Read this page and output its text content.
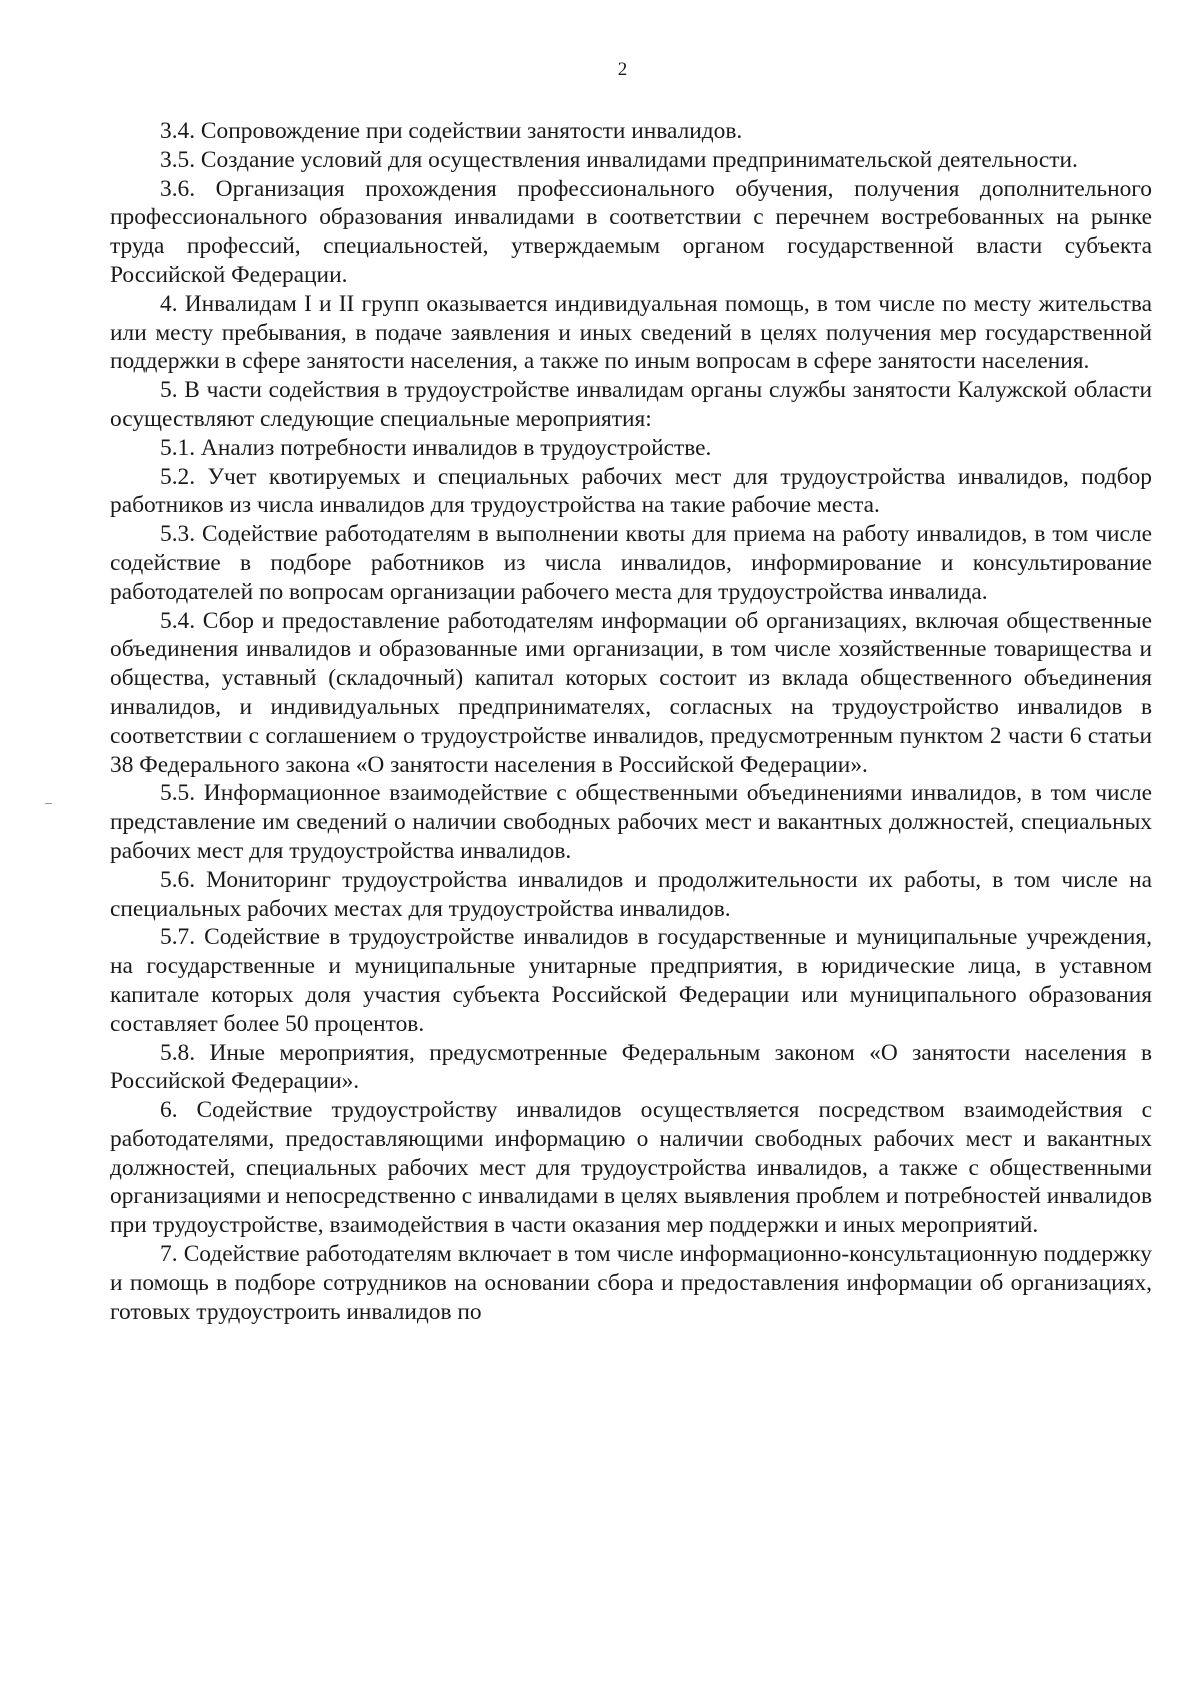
2

3.4. Сопровождение при содействии занятости инвалидов.

3.5. Создание условий для осуществления инвалидами предпринимательской деятельности.

3.6. Организация прохождения профессионального обучения, получения дополнительного профессионального образования инвалидами в соответствии с перечнем востребованных на рынке труда профессий, специальностей, утверждаемым органом государственной власти субъекта Российской Федерации.

4. Инвалидам I и II групп оказывается индивидуальная помощь, в том числе по месту жительства или месту пребывания, в подаче заявления и иных сведений в целях получения мер государственной поддержки в сфере занятости населения, а также по иным вопросам в сфере занятости населения.

5. В части содействия в трудоустройстве инвалидам органы службы занятости Калужской области осуществляют следующие специальные мероприятия:

5.1. Анализ потребности инвалидов в трудоустройстве.

5.2. Учет квотируемых и специальных рабочих мест для трудоустройства инвалидов, подбор работников из числа инвалидов для трудоустройства на такие рабочие места.

5.3. Содействие работодателям в выполнении квоты для приема на работу инвалидов, в том числе содействие в подборе работников из числа инвалидов, информирование и консультирование работодателей по вопросам организации рабочего места для трудоустройства инвалида.

5.4. Сбор и предоставление работодателям информации об организациях, включая общественные объединения инвалидов и образованные ими организации, в том числе хозяйственные товарищества и общества, уставный (складочный) капитал которых состоит из вклада общественного объединения инвалидов, и индивидуальных предпринимателях, согласных на трудоустройство инвалидов в соответствии с соглашением о трудоустройстве инвалидов, предусмотренным пунктом 2 части 6 статьи 38 Федерального закона «О занятости населения в Российской Федерации».

5.5. Информационное взаимодействие с общественными объединениями инвалидов, в том числе представление им сведений о наличии свободных рабочих мест и вакантных должностей, специальных рабочих мест для трудоустройства инвалидов.

5.6. Мониторинг трудоустройства инвалидов и продолжительности их работы, в том числе на специальных рабочих местах для трудоустройства инвалидов.

5.7. Содействие в трудоустройстве инвалидов в государственные и муниципальные учреждения, на государственные и муниципальные унитарные предприятия, в юридические лица, в уставном капитале которых доля участия субъекта Российской Федерации или муниципального образования составляет более 50 процентов.

5.8. Иные мероприятия, предусмотренные Федеральным законом «О занятости населения в Российской Федерации».

6. Содействие трудоустройству инвалидов осуществляется посредством взаимодействия с работодателями, предоставляющими информацию о наличии свободных рабочих мест и вакантных должностей, специальных рабочих мест для трудоустройства инвалидов, а также с общественными организациями и непосредственно с инвалидами в целях выявления проблем и потребностей инвалидов при трудоустройстве, взаимодействия в части оказания мер поддержки и иных мероприятий.

7. Содействие работодателям включает в том числе информационно-консультационную поддержку и помощь в подборе сотрудников на основании сбора и предоставления информации об организациях, готовых трудоустроить инвалидов по
